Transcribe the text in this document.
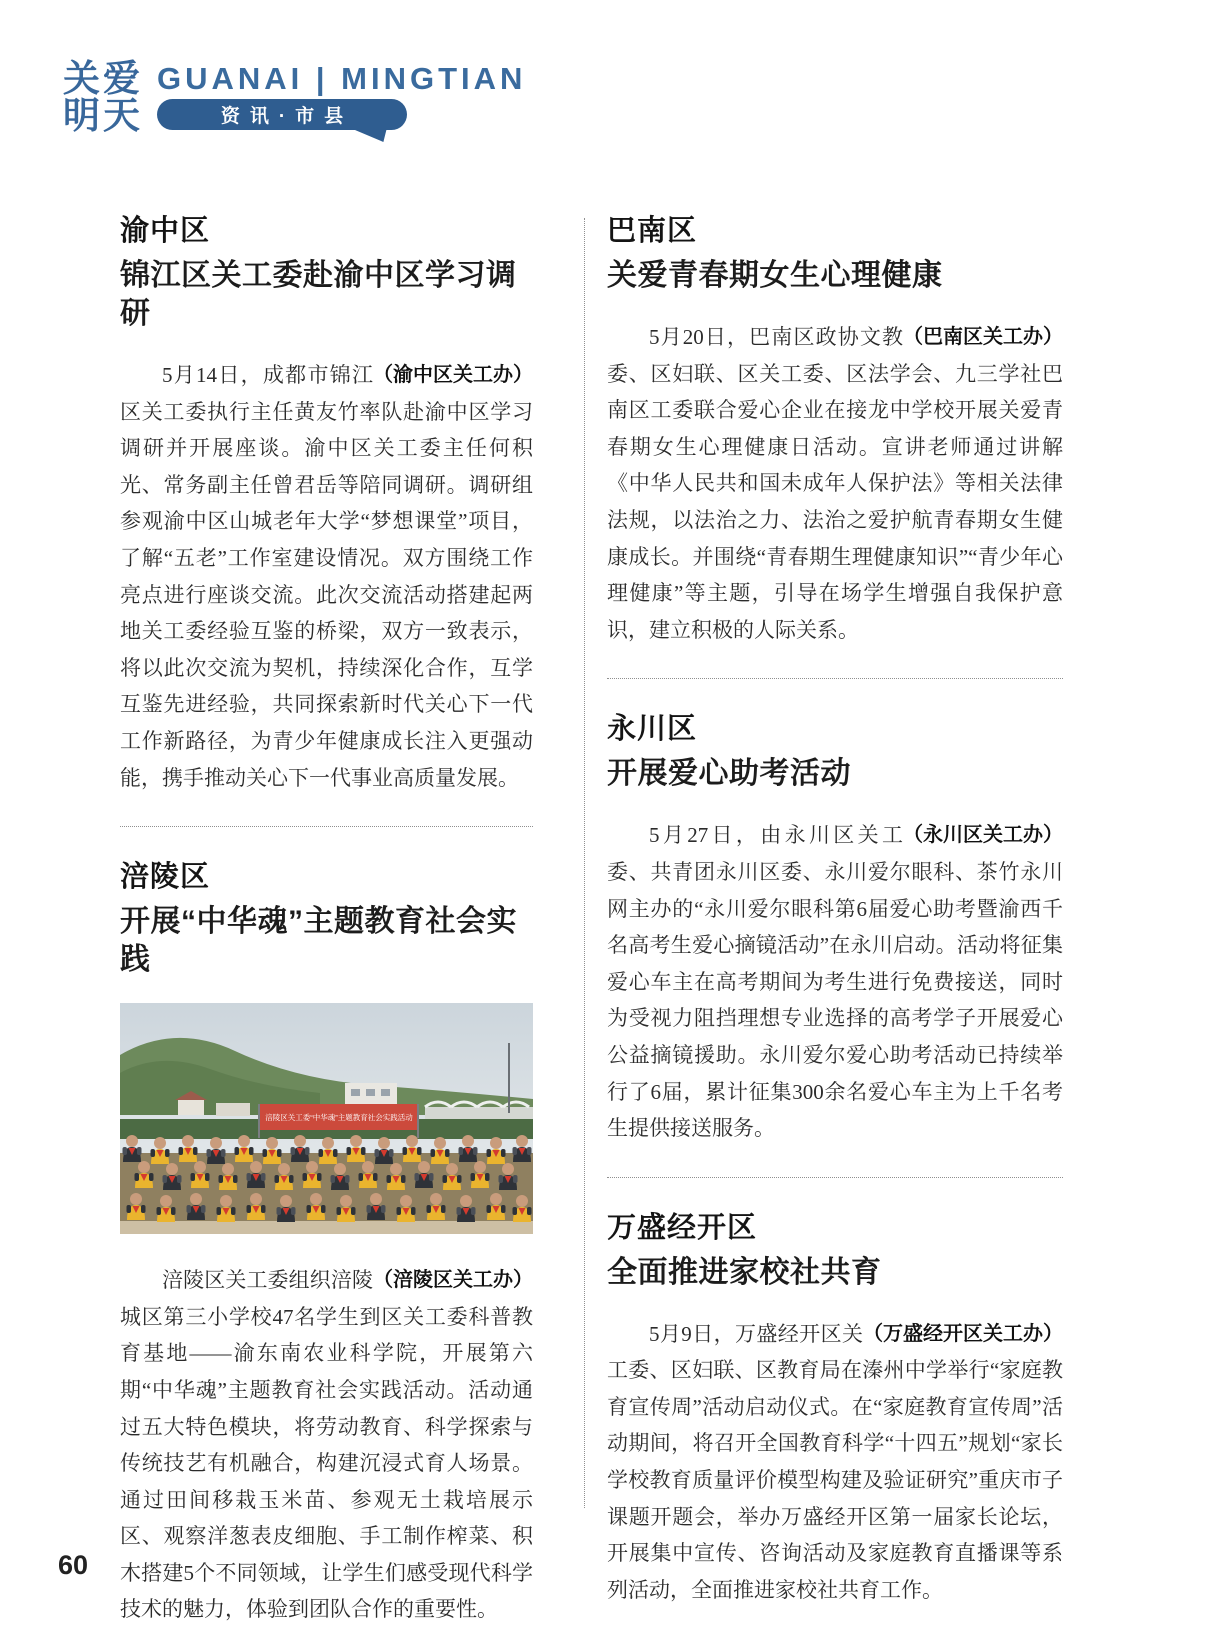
关爱
明天
GUANAI | MINGTIAN
资讯·市县
渝中区
锦江区关工委赴渝中区学习调研

（渝中区关工办）
5月14日，成都市锦江区关工委执行主任黄友竹率队赴渝中区学习调研并开展座谈。渝中区关工委主任何积光、常务副主任曾君岳等陪同调研。调研组参观渝中区山城老年大学“梦想课堂”项目，了解“五老”工作室建设情况。双方围绕工作亮点进行座谈交流。此次交流活动搭建起两地关工委经验互鉴的桥梁，双方一致表示，将以此次交流为契机，持续深化合作，互学互鉴先进经验，共同探索新时代关心下一代工作新路径，为青少年健康成长注入更强动能，携手推动关心下一代事业高质量发展。

涪陵区
开展“中华魂”主题教育社会实践
涪陵区关工委“中华魂”主题教育社会实践活动

（涪陵区关工办）
涪陵区关工委组织涪陵城区第三小学校47名学生到区关工委科普教育基地——渝东南农业科学院，开展第六期“中华魂”主题教育社会实践活动。活动通过五大特色模块，将劳动教育、科学探索与传统技艺有机融合，构建沉浸式育人场景。通过田间移栽玉米苗、参观无土栽培展示区、观察洋葱表皮细胞、手工制作榨菜、积木搭建5个不同领域，让学生们感受现代科学技术的魅力，体验到团队合作的重要性。

巴南区
关爱青春期女生心理健康

（巴南区关工办）
5月20日，巴南区政协文教委、区妇联、区关工委、区法学会、九三学社巴南区工委联合爱心企业在接龙中学校开展关爱青春期女生心理健康日活动。宣讲老师通过讲解《中华人民共和国未成年人保护法》等相关法律法规，以法治之力、法治之爱护航青春期女生健康成长。并围绕“青春期生理健康知识”“青少年心理健康”等主题，引导在场学生增强自我保护意识，建立积极的人际关系。

永川区
开展爱心助考活动

（永川区关工办）
5月27日，由永川区关工委、共青团永川区委、永川爱尔眼科、茶竹永川网主办的“永川爱尔眼科第6届爱心助考暨渝西千名高考生爱心摘镜活动”在永川启动。活动将征集爱心车主在高考期间为考生进行免费接送，同时为受视力阻挡理想专业选择的高考学子开展爱心公益摘镜援助。永川爱尔爱心助考活动已持续举行了6届，累计征集300余名爱心车主为上千名考生提供接送服务。

万盛经开区
全面推进家校社共育

（万盛经开区关工办）
5月9日，万盛经开区关工委、区妇联、区教育局在溱州中学举行“家庭教育宣传周”活动启动仪式。在“家庭教育宣传周”活动期间，将召开全国教育科学“十四五”规划“家长学校教育质量评价模型构建及验证研究”重庆市子课题开题会，举办万盛经开区第一届家长论坛，开展集中宣传、咨询活动及家庭教育直播课等系列活动，全面推进家校社共育工作。

60
